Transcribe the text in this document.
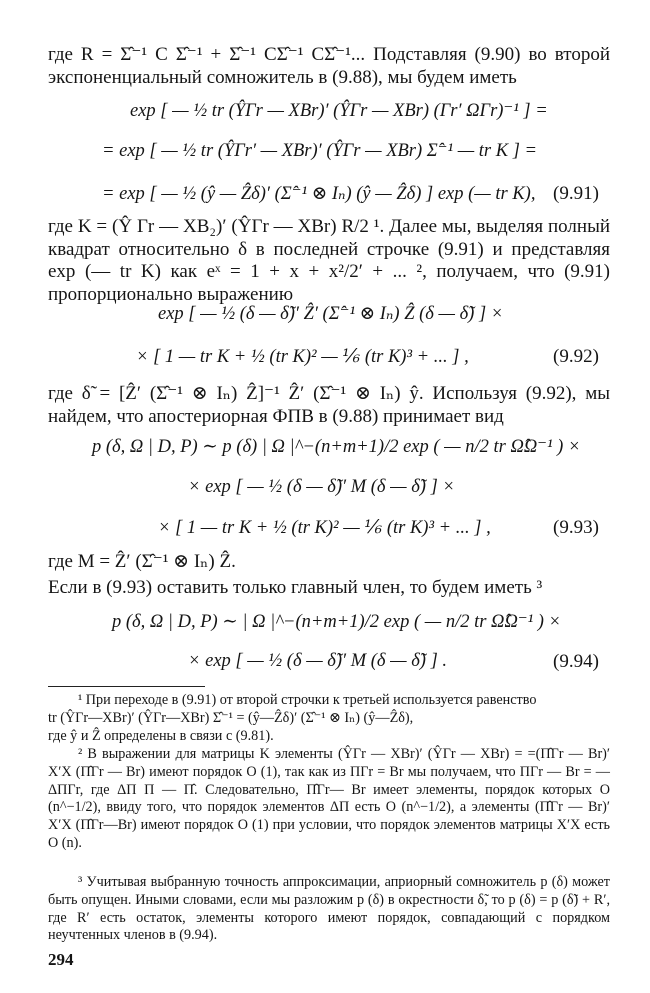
где R = Σ̂⁻¹ C Σ̂⁻¹ + Σ̂⁻¹ CΣ̂⁻¹ CΣ̂⁻¹... Подставляя (9.90) во второй экспоненциальный сомножитель в (9.88), мы будем иметь

exp [ — ½ tr (ŶΓr — XBr)′ (ŶΓr — XBr) (Γr′ ΩΓr)⁻¹ ] =
= exp [ — ½ tr (ŶΓr′ — XBr)′ (ŶΓr — XBr) Σ̂⁻¹ — tr K ] =
= exp [ — ½ (ŷ — Ẑδ)′ (Σ̂⁻¹ ⊗ Iₙ) (ŷ — Ẑδ) ] exp (— tr K), (9.91)

где K = (Ŷ Γr — XB₂)′ (ŶΓr — XBr) R/2 ¹. Далее мы, выделяя полный квадрат относительно δ в последней строчке (9.91) и представляя exp (— tr K) как eˣ = 1 + x + x²/2′ + ... ², получаем, что (9.91) пропорционально выражению

exp [ — ½ (δ — δ̃)′ Ẑ′ (Σ̂⁻¹ ⊗ Iₙ) Ẑ (δ — δ̃) ] ×
× [ 1 — tr K + ½ (tr K)² — ⅙ (tr K)³ + ... ] ,	(9.92)

где δ̃ = [Ẑ′ (Σ̂⁻¹ ⊗ Iₙ) Ẑ]⁻¹ Ẑ′ (Σ̂⁻¹ ⊗ Iₙ) ŷ. Используя (9.92), мы найдем, что апостериорная ФПВ в (9.88) принимает вид

p (δ, Ω | D, P) ∼ p (δ) | Ω |^−(n+m+1)/2 exp ( — n/2 tr Ω̂Ω⁻¹ ) ×
× exp [ — ½ (δ — δ̃)′ M (δ — δ̃) ] ×
× [ 1 — tr K + ½ (tr K)² — ⅙ (tr K)³ + ... ] ,	(9.93)

где M = Ẑ′ (Σ̂⁻¹ ⊗ Iₙ) Ẑ.

Если в (9.93) оставить только главный член, то будем иметь ³

p (δ, Ω | D, P) ∼ | Ω |^−(n+m+1)/2 exp ( — n/2 tr Ω̂Ω⁻¹ ) ×
× exp [ — ½ (δ — δ̃)′ M (δ — δ̃) ] .	(9.94)

¹ При переходе в (9.91) от второй строчки к третьей используется равенство

tr (ŶΓr—XBr)′ (ŶΓr—XBr) Σ̂⁻¹ = (ŷ—Ẑδ)′ (Σ̂⁻¹ ⊗ Iₙ) (ŷ—Ẑδ),

где ŷ и Ẑ определены в связи с (9.81).

² В выражении для матрицы K элементы (ŶΓr — XBr)′ (ŶΓr — XBr) = =(Π̂Γr — Br)′ X′X (Π̂Γr — Br) имеют порядок O (1), так как из ΠΓr = Br мы получаем, что ΠΓr — Br = — ΔΠΓr, где ΔΠ Π — Π̂. Следовательно, Π̂Γr— Br имеет элементы, порядок которых O (n^−1/2), ввиду того, что порядок элементов ΔΠ есть O (n^−1/2), а элементы (Π̂Γr — Br)′ X′X (Π̂Γr—Br) имеют порядок O (1) при условии, что порядок элементов матрицы X′X есть O (n).

³ Учитывая выбранную точность аппроксимации, априорный сомножитель p (δ) может быть опущен. Иными словами, если мы разложим p (δ) в окрестности δ̃, то p (δ) = p (δ̃) + R′, где R′ есть остаток, элементы которого имеют порядок, совпадающий с порядком неучтенных членов в (9.94).

294
